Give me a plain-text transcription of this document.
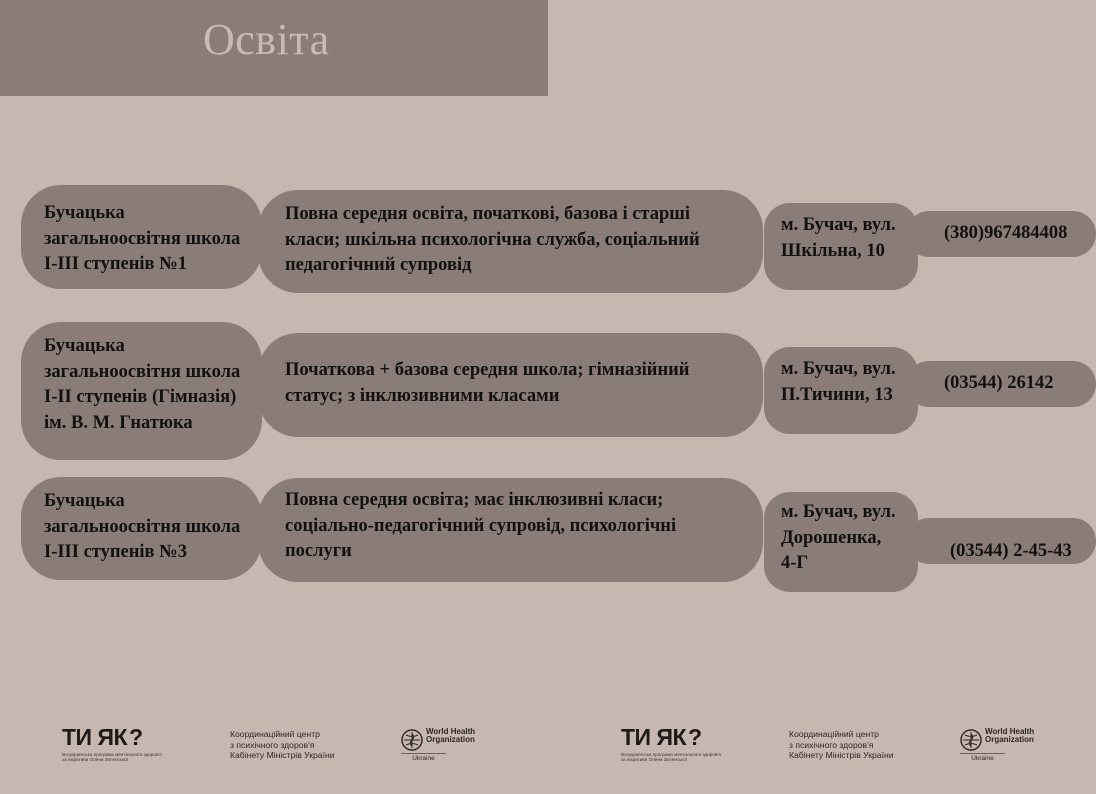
Освіта
Бучацька
загальноосвітня школа
I-III ступенів №1
Повна середня освіта, початкові, базова і старші
класи; шкільна психологічна служба, соціальний
педагогічний супровід
(380)967484408
м. Бучач, вул.
Шкільна, 10
Бучацька
загальноосвітня школа
I-II ступенів (Гімназія)
ім. В. М. Гнатюка
Початкова + базова середня школа; гімназійний
статус; з інклюзивними класами
(03544) 26142
м. Бучач, вул.
П.Тичини, 13
Бучацька
загальноосвітня школа
I-III ступенів №3
Повна середня освіта; має інклюзивні класи;
соціально-педагогічний супровід, психологічні
послуги	(03544) 2-45-43
м. Бучач, вул.
Дорошенка,
4-Г
ТИ ЯК?
Всеукраїнська програма ментального здоров'я
за ініціативи Олени Зеленської
Координаційний центр
з психічного здоров'я
Кабінету Міністрів України
World Health
Organization
Ukraine
ТИ ЯК?
Всеукраїнська програма ментального здоров'я
за ініціативи Олени Зеленської
Координаційний центр
з психічного здоров'я
Кабінету Міністрів України
World Health
Organization
Ukraine
